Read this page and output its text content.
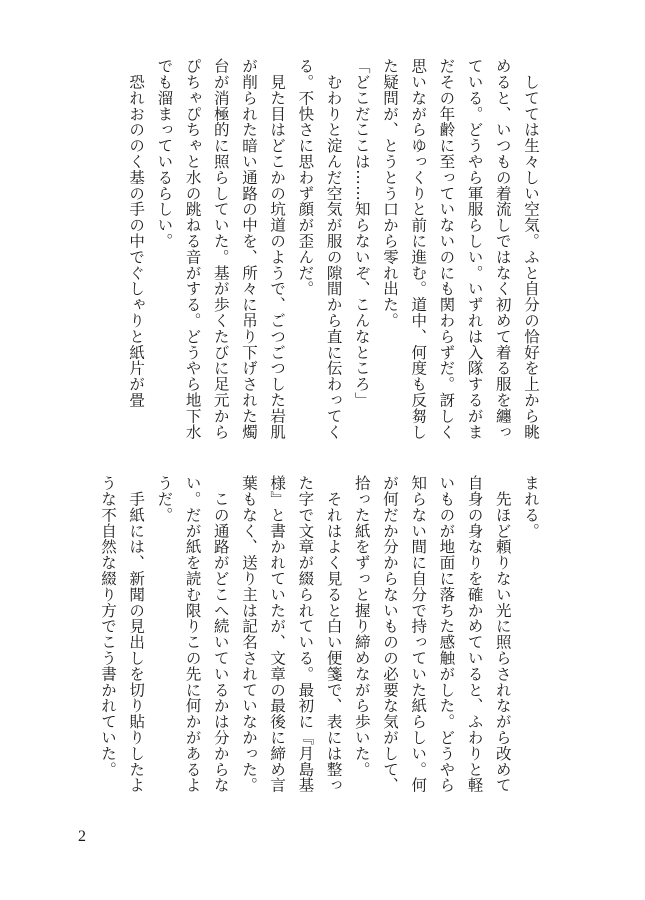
　してては生々しい空気。ふと自分の恰好を上から眺めると、いつもの着流しではなく初めて着る服を纏っている。どうやら軍服らしい。いずれは入隊するがまだその年齢に至っていないのにも関わらずだ。訝しく思いながらゆっくりと前に進む。道中、何度も反芻した疑問が、とうとう口から零れ出た。

「どこだここは……知らないぞ、こんなところ」

　むわりと淀んだ空気が服の隙間から直に伝わってくる。不快さに思わず顔が歪んだ。

　見た目はどこかの坑道のようで、ごつごつした岩肌が削られた暗い通路の中を、所々に吊り下げされた燭台が消極的に照らしていた。基が歩くたびに足元からぴちゃぴちゃと水の跳ねる音がする。どうやら地下水でも溜まっているらしい。

　恐れおののく基の手の中でぐしゃりと紙片が畳

まれる。

　先ほど頼りない光に照らされながら改めて自身の身なりを確かめていると、ふわりと軽いものが地面に落ちた感触がした。どうやら知らない間に自分で持っていた紙らしい。何が何だか分からないものの必要な気がして、拾った紙をずっと握り締めながら歩いた。

　それはよく見ると白い便箋で、表には整った字で文章が綴られている。最初に『月島基様』と書かれていたが、文章の最後に締め言葉もなく、送り主は記名されていなかった。

　この通路がどこへ続いているかは分からない。だが紙を読む限りこの先に何かがあるようだ。

　手紙には、新聞の見出しを切り貼りしたような不自然な綴り方でこう書かれていた。

2
